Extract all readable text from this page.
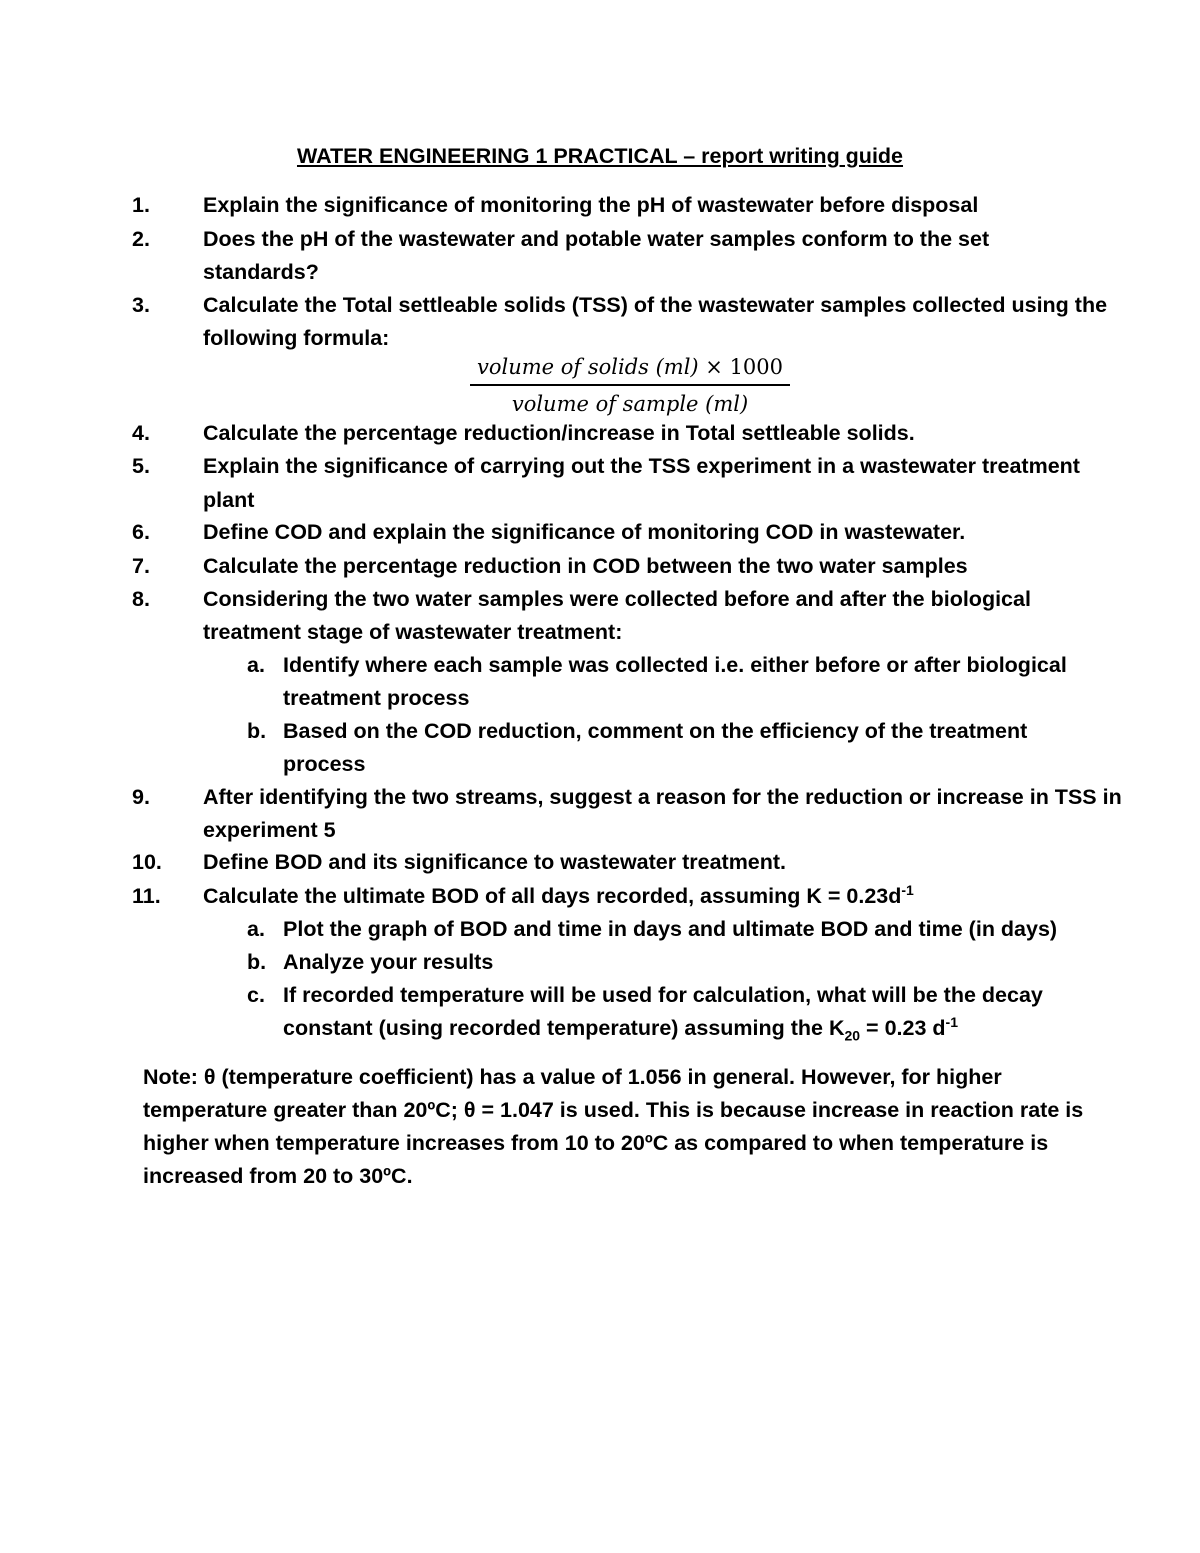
WATER ENGINEERING 1 PRACTICAL – report writing guide
1. Explain the significance of monitoring the pH of wastewater before disposal
2. Does the pH of the wastewater and potable water samples conform to the set
standards?
3. Calculate the Total settleable solids (TSS) of the wastewater samples collected using the
following formula:
volume of solids (ml) × 1000
volume of sample (ml)
4. Calculate the percentage reduction/increase in Total settleable solids.
5. Explain the significance of carrying out the TSS experiment in a wastewater treatment
plant
6. Define COD and explain the significance of monitoring COD in wastewater.
7. Calculate the percentage reduction in COD between the two water samples
8. Considering the two water samples were collected before and after the biological
treatment stage of wastewater treatment:
a. Identify where each sample was collected i.e. either before or after biological
treatment process
b. Based on the COD reduction, comment on the efficiency of the treatment
process
9. After identifying the two streams, suggest a reason for the reduction or increase in TSS in
experiment 5
10. Define BOD and its significance to wastewater treatment.
11. Calculate the ultimate BOD of all days recorded, assuming $K = 0.23d^{-1}$
a. Plot the graph of BOD and time in days and ultimate BOD and time (in days)
b. Analyze your results
c. If recorded temperature will be used for calculation, what will be the decay
constant (using recorded temperature) assuming the $K_{20} = 0.23$ $d^{-1}$
Note: θ (temperature coefficient) has a value of 1.056 in general. However, for higher
temperature greater than 20ºC; θ = 1.047 is used. This is because increase in reaction rate is
higher when temperature increases from 10 to 20ºC as compared to when temperature is
increased from 20 to 30ºC.
